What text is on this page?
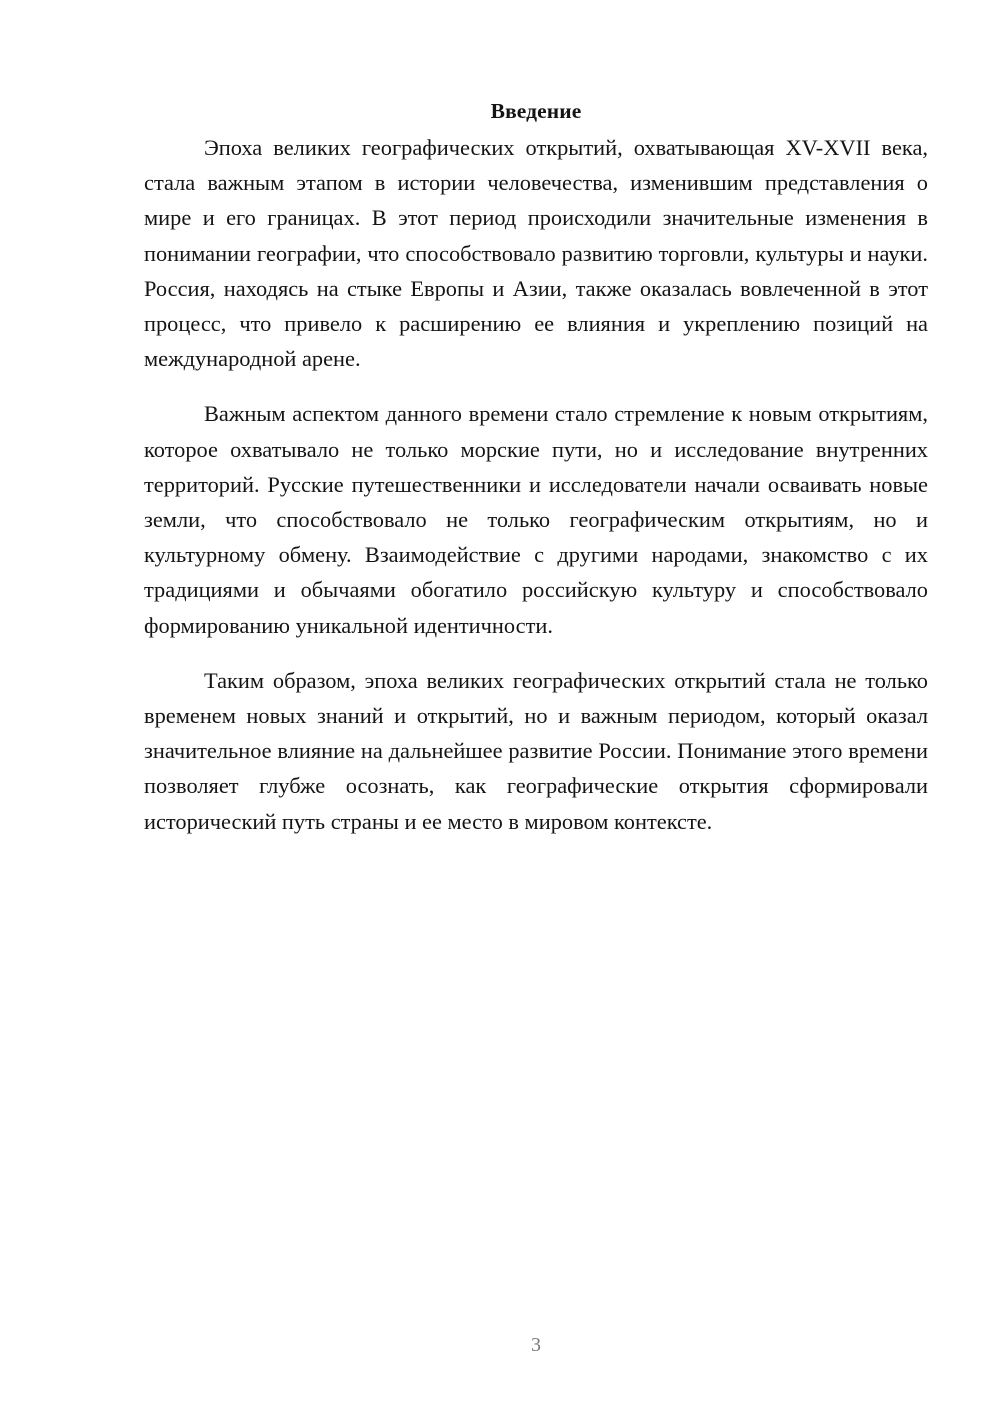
Введение

Эпоха великих географических открытий, охватывающая XV-XVII века, стала важным этапом в истории человечества, изменившим представления о мире и его границах. В этот период происходили значительные изменения в понимании географии, что способствовало развитию торговли, культуры и науки. Россия, находясь на стыке Европы и Азии, также оказалась вовлеченной в этот процесс, что привело к расширению ее влияния и укреплению позиций на международной арене.

Важным аспектом данного времени стало стремление к новым открытиям, которое охватывало не только морские пути, но и исследование внутренних территорий. Русские путешественники и исследователи начали осваивать новые земли, что способствовало не только географическим открытиям, но и культурному обмену. Взаимодействие с другими народами, знакомство с их традициями и обычаями обогатило российскую культуру и способствовало формированию уникальной идентичности.

Таким образом, эпоха великих географических открытий стала не только временем новых знаний и открытий, но и важным периодом, который оказал значительное влияние на дальнейшее развитие России. Понимание этого времени позволяет глубже осознать, как географические открытия сформировали исторический путь страны и ее место в мировом контексте.

3
